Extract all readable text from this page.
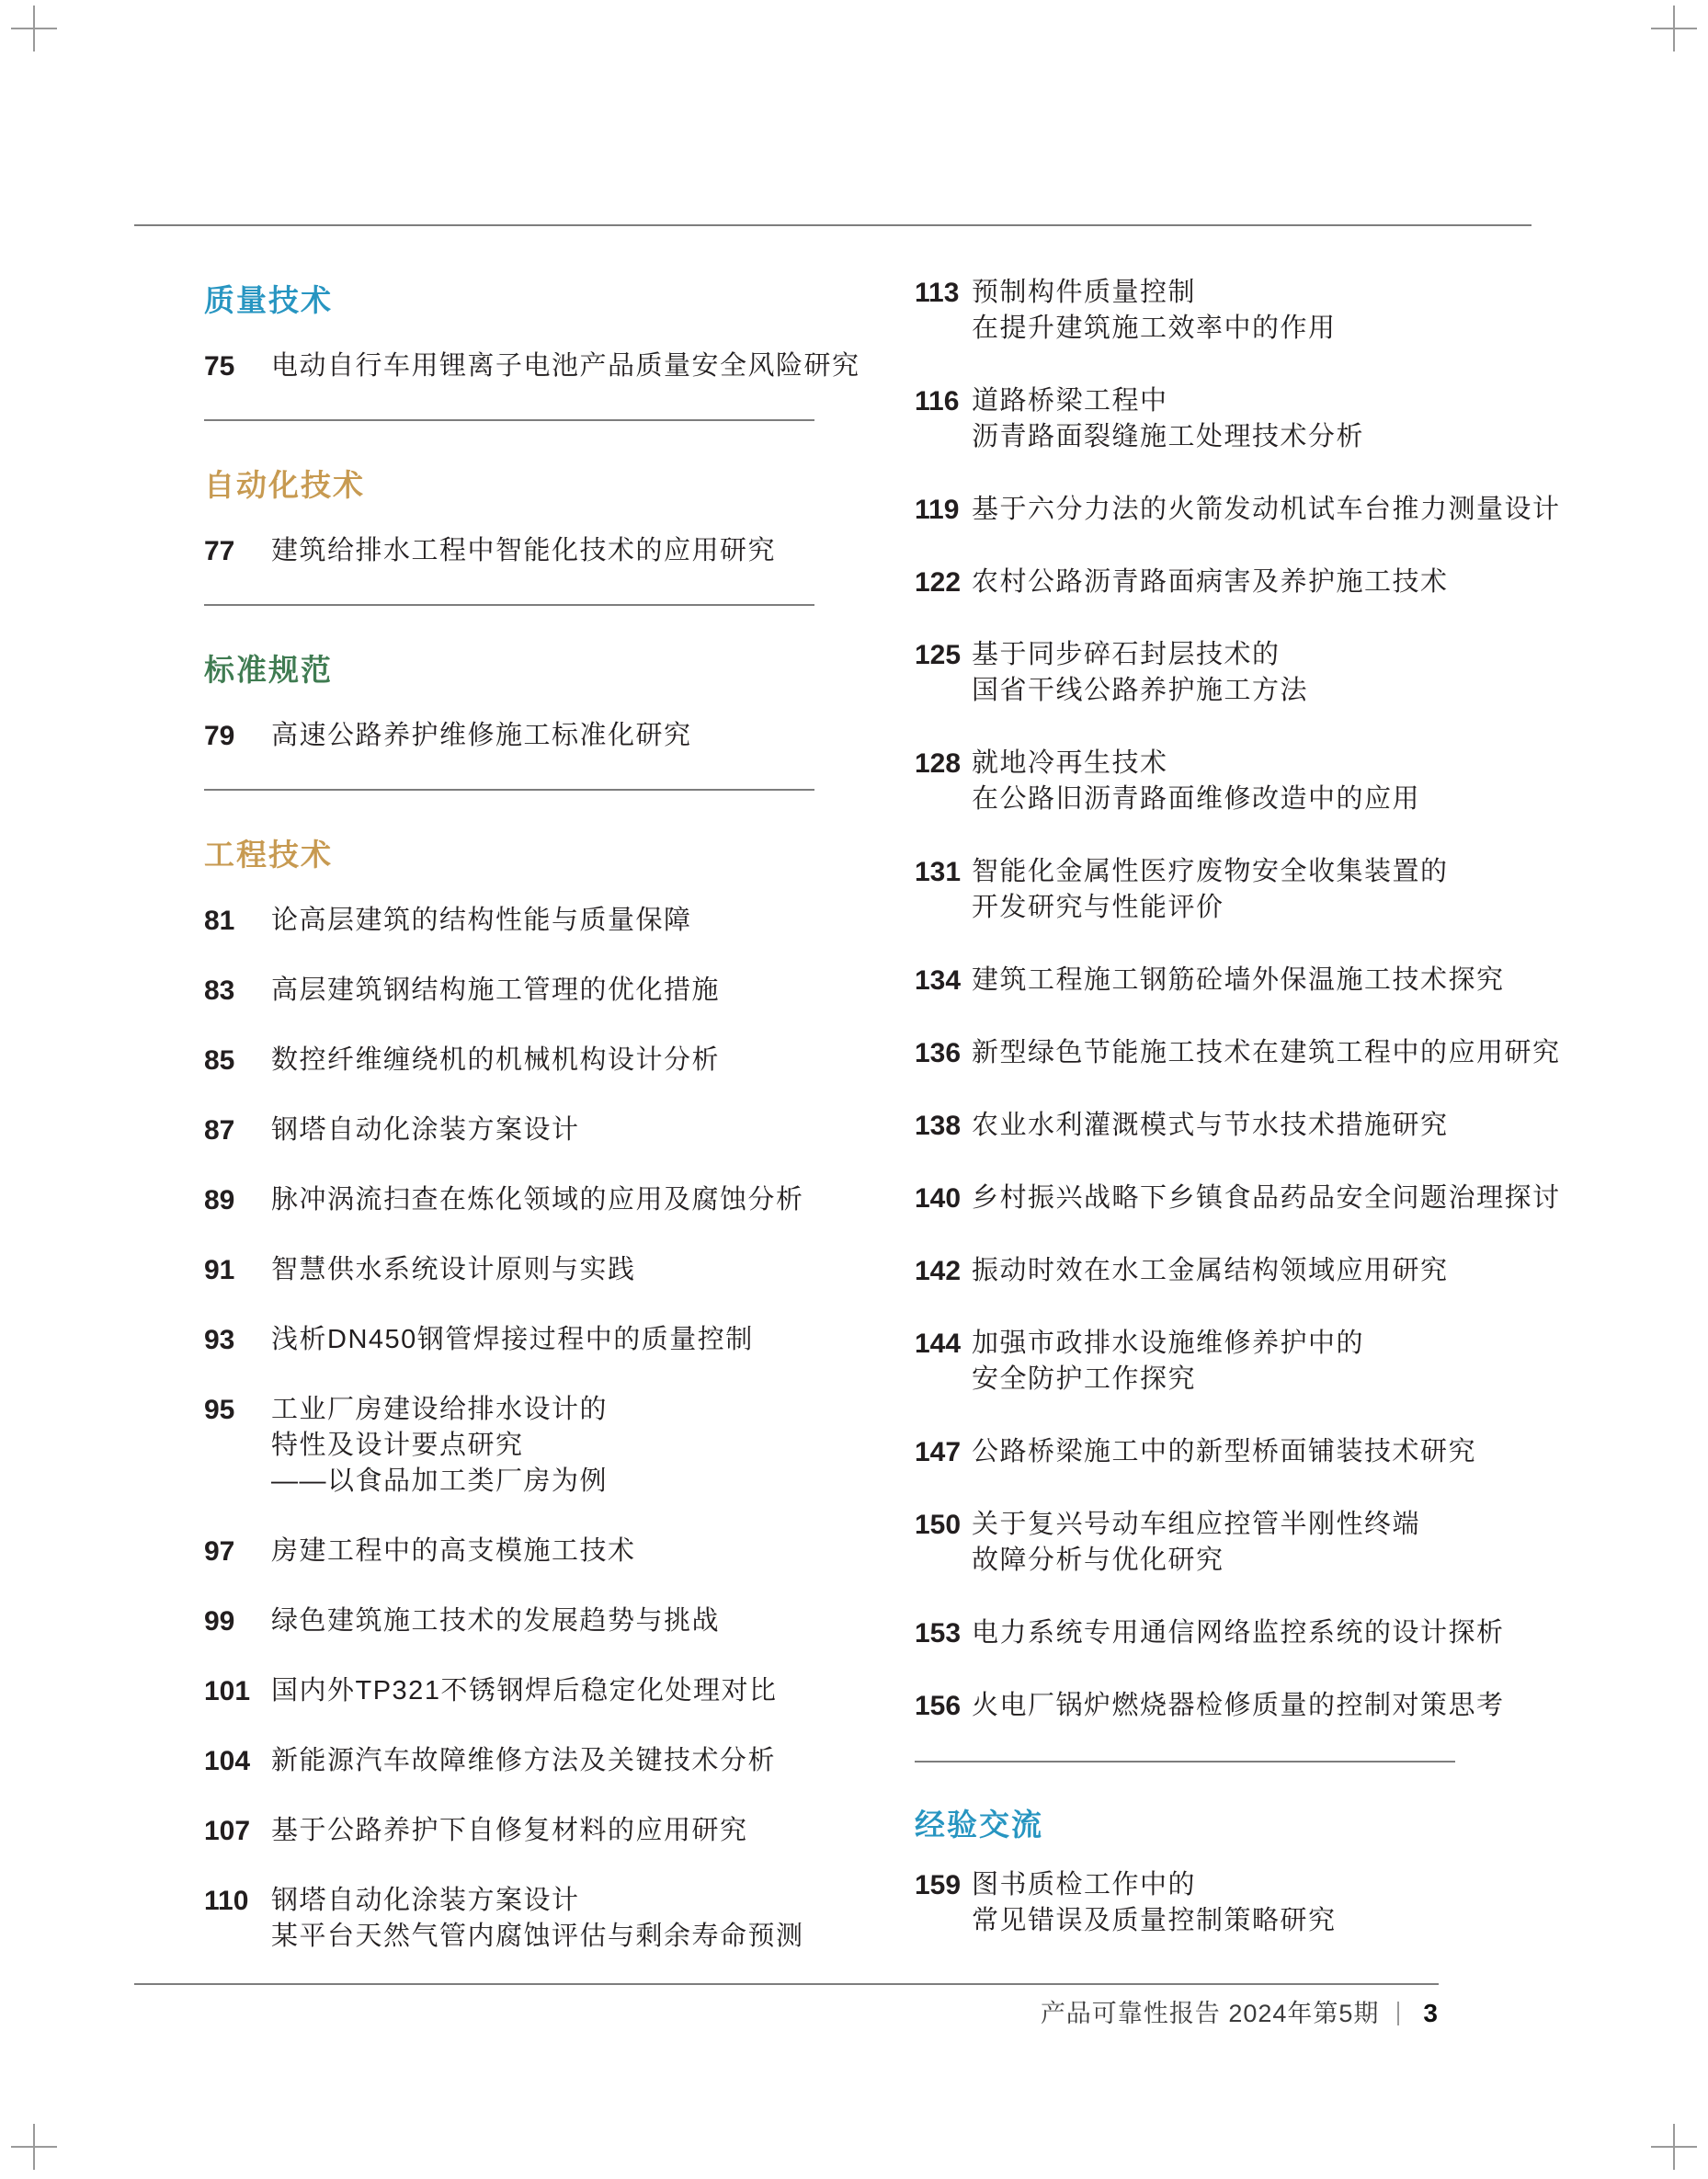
质量技术
75	电动自行车用锂离子电池产品质量安全风险研究
自动化技术
77	建筑给排水工程中智能化技术的应用研究
标准规范
79	高速公路养护维修施工标准化研究
工程技术
81	论高层建筑的结构性能与质量保障
83	高层建筑钢结构施工管理的优化措施
85	数控纤维缠绕机的机械机构设计分析
87	钢塔自动化涂装方案设计
89	脉冲涡流扫查在炼化领域的应用及腐蚀分析
91	智慧供水系统设计原则与实践
93	浅析DN450钢管焊接过程中的质量控制
95	工业厂房建设给排水设计的
特性及设计要点研究
——以食品加工类厂房为例
97	房建工程中的高支模施工技术
99	绿色建筑施工技术的发展趋势与挑战
101 国内外TP321不锈钢焊后稳定化处理对比
104 新能源汽车故障维修方法及关键技术分析
107 基于公路养护下自修复材料的应用研究
110 钢塔自动化涂装方案设计
某平台天然气管内腐蚀评估与剩余寿命预测
113 预制构件质量控制
在提升建筑施工效率中的作用
116 道路桥梁工程中
沥青路面裂缝施工处理技术分析
119 基于六分力法的火箭发动机试车台推力测量设计
122 农村公路沥青路面病害及养护施工技术
125 基于同步碎石封层技术的
国省干线公路养护施工方法
128 就地冷再生技术
在公路旧沥青路面维修改造中的应用
131 智能化金属性医疗废物安全收集装置的
开发研究与性能评价
134 建筑工程施工钢筋砼墙外保温施工技术探究
136 新型绿色节能施工技术在建筑工程中的应用研究
138 农业水利灌溉模式与节水技术措施研究
140 乡村振兴战略下乡镇食品药品安全问题治理探讨
142 振动时效在水工金属结构领域应用研究
144 加强市政排水设施维修养护中的
安全防护工作探究
147 公路桥梁施工中的新型桥面铺装技术研究
150 关于复兴号动车组应控管半刚性终端
故障分析与优化研究
153 电力系统专用通信网络监控系统的设计探析
156 火电厂锅炉燃烧器检修质量的控制对策思考
经验交流
159 图书质检工作中的
常见错误及质量控制策略研究
产品可靠性报告 2024年第5期 3
